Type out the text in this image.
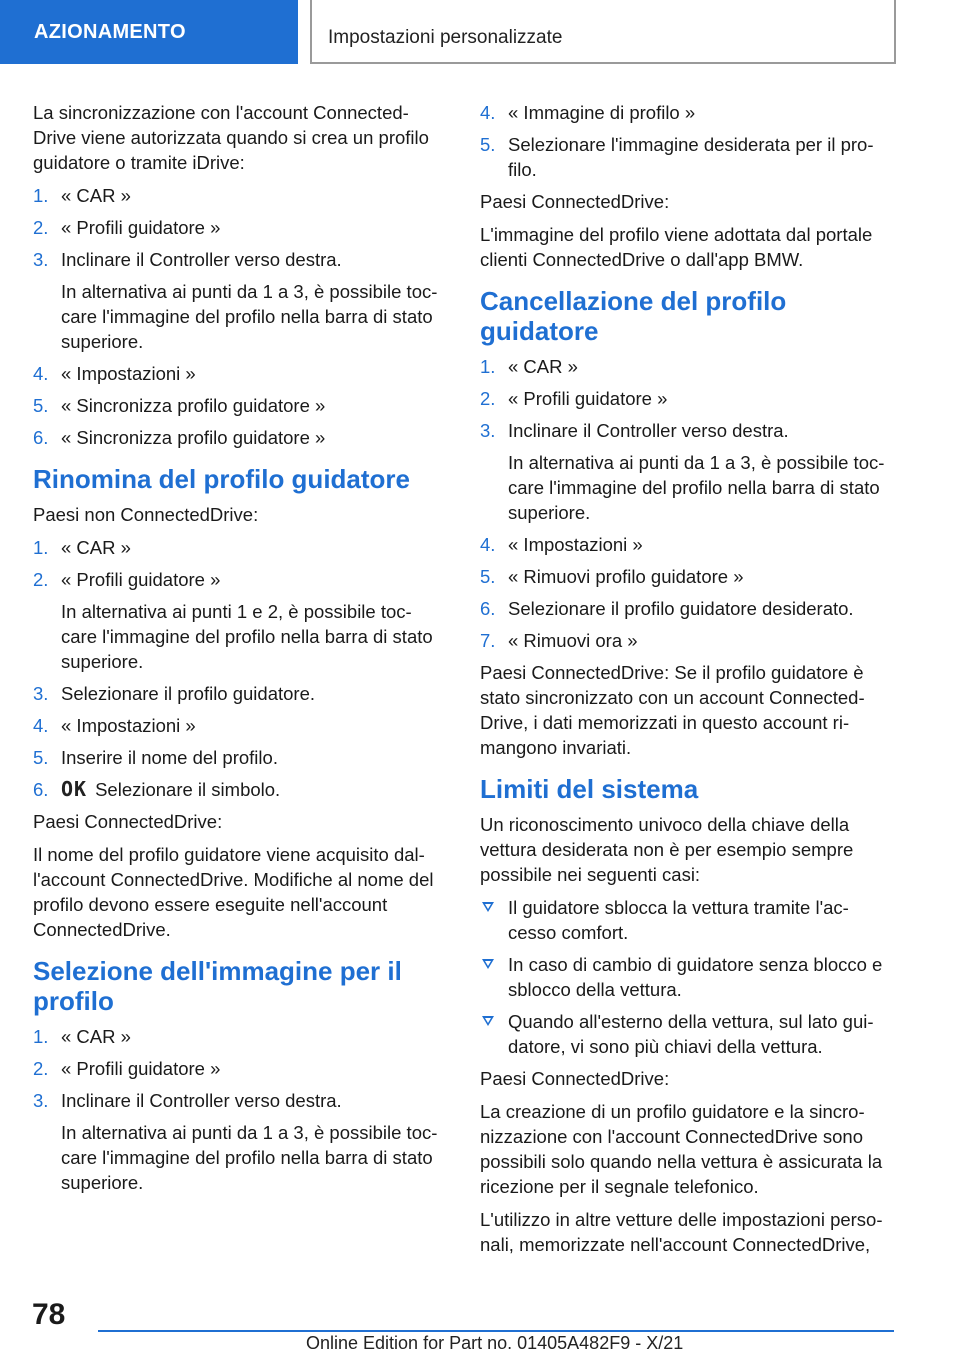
AZIONAMENTO	Impostazioni personalizzate

La sincronizzazione con l'account Connected-Drive viene autorizzata quando si crea un profilo guidatore o tramite iDrive:

1. « CAR »
2. « Profili guidatore »
3. Inclinare il Controller verso destra.
In alternativa ai punti da 1 a 3, è possibile toc-care l'immagine del profilo nella barra di stato superiore.
4. « Impostazioni »
5. « Sincronizza profilo guidatore »
6. « Sincronizza profilo guidatore »
Rinomina del profilo guidatore

Paesi non ConnectedDrive:

1. « CAR »
2. « Profili guidatore »
In alternativa ai punti 1 e 2, è possibile toc-care l'immagine del profilo nella barra di stato superiore.
3. Selezionare il profilo guidatore.
4. « Impostazioni »
5. Inserire il nome del profilo.
6. OK Selezionare il simbolo.

Paesi ConnectedDrive:

Il nome del profilo guidatore viene acquisito dal-l'account ConnectedDrive. Modifiche al nome del profilo devono essere eseguite nell'account ConnectedDrive.

Selezione dell'immagine per il profilo
1. « CAR »
2. « Profili guidatore »
3. Inclinare il Controller verso destra.
In alternativa ai punti da 1 a 3, è possibile toc-care l'immagine del profilo nella barra di stato superiore.
4. « Immagine di profilo »
5. Selezionare l'immagine desiderata per il pro-filo.

Paesi ConnectedDrive:

L'immagine del profilo viene adottata dal portale clienti ConnectedDrive o dall'app BMW.

Cancellazione del profilo guidatore
1. « CAR »
2. « Profili guidatore »
3. Inclinare il Controller verso destra.
In alternativa ai punti da 1 a 3, è possibile toc-care l'immagine del profilo nella barra di stato superiore.
4. « Impostazioni »
5. « Rimuovi profilo guidatore »
6. Selezionare il profilo guidatore desiderato.
7. « Rimuovi ora »

Paesi ConnectedDrive: Se il profilo guidatore è stato sincronizzato con un account Connected-Drive, i dati memorizzati in questo account ri-mangono invariati.

Limiti del sistema

Un riconoscimento univoco della chiave della vettura desiderata non è per esempio sempre possibile nei seguenti casi:

Il guidatore sblocca la vettura tramite l'ac-cesso comfort.
In caso di cambio di guidatore senza blocco e sblocco della vettura.
Quando all'esterno della vettura, sul lato gui-datore, vi sono più chiavi della vettura.

Paesi ConnectedDrive:

La creazione di un profilo guidatore e la sincro-nizzazione con l'account ConnectedDrive sono possibili solo quando nella vettura è assicurata la ricezione per il segnale telefonico.

L'utilizzo in altre vetture delle impostazioni perso-nali, memorizzate nell'account ConnectedDrive,

78
Online Edition for Part no. 01405A482F9 - X/21
